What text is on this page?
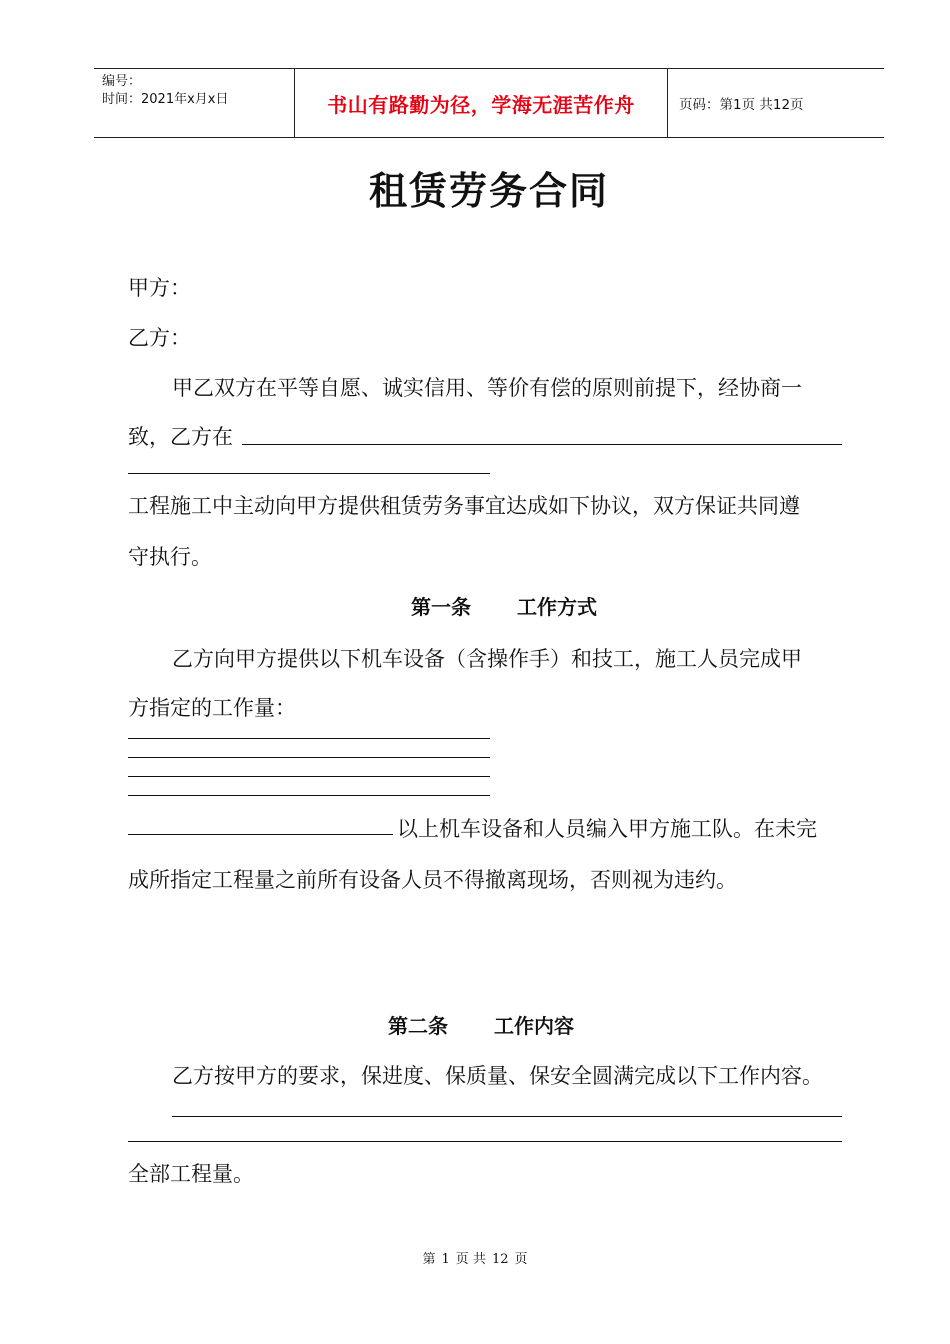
编号：
时间：2021年x月x日	书山有路勤为径，学海无涯苦作舟	页码：第1页 共12页
租赁劳务合同
甲方：
乙方：
甲乙双方在平等自愿、诚实信用、等价有偿的原则前提下，经协商一
致，乙方在
工程施工中主动向甲方提供租赁劳务事宜达成如下协议，双方保证共同遵
守执行。
第一条 工作方式
乙方向甲方提供以下机车设备（含操作手）和技工，施工人员完成甲
方指定的工作量：
以上机车设备和人员编入甲方施工队。在未完
成所指定工程量之前所有设备人员不得撤离现场，否则视为违约。
第二条 工作内容
乙方按甲方的要求，保进度、保质量、保安全圆满完成以下工作内容。
全部工程量。
第 1 页 共 12 页
